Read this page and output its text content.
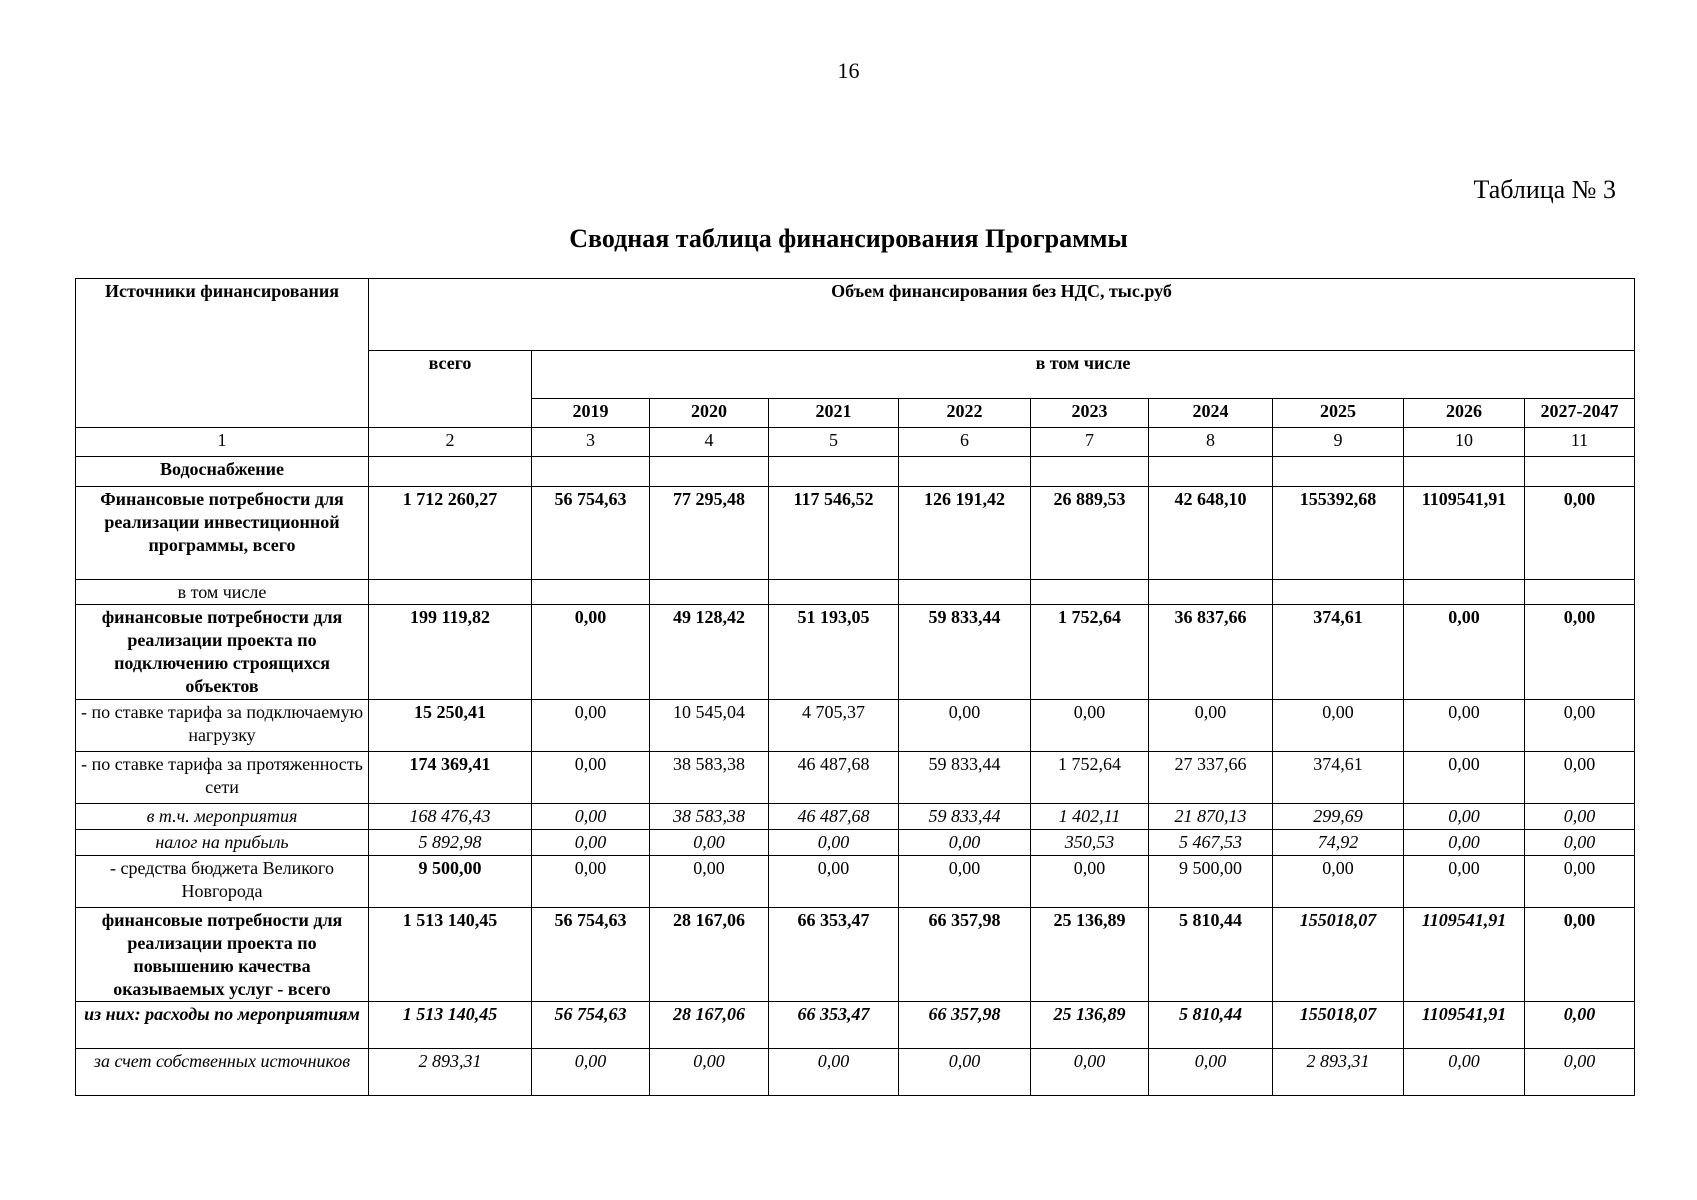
16
Таблица № 3
Сводная таблица финансирования Программы
Источники финансирования	Объем финансирования без НДС, тыс.руб									
	всего	в том числе								
		2019	2020	2021	2022	2023	2024	2025	2026	2027-2047
1	2	3	4	5	6	7	8	9	10	11
Водоснабжение										
Финансовые потребности для реализации инвестиционной программы, всего	1 712 260,27	56 754,63	77 295,48	117 546,52	126 191,42	26 889,53	42 648,10	155392,68	1109541,91	0,00
в том числе										
финансовые потребности для реализации проекта по подключению строящихся объектов	199 119,82	0,00	49 128,42	51 193,05	59 833,44	1 752,64	36 837,66	374,61	0,00	0,00
- по ставке тарифа за подключаемую нагрузку	15 250,41	0,00	10 545,04	4 705,37	0,00	0,00	0,00	0,00	0,00	0,00
- по ставке тарифа за протяженность сети	174 369,41	0,00	38 583,38	46 487,68	59 833,44	1 752,64	27 337,66	374,61	0,00	0,00
в т.ч. мероприятия	168 476,43	0,00	38 583,38	46 487,68	59 833,44	1 402,11	21 870,13	299,69	0,00	0,00
налог на прибыль	5 892,98	0,00	0,00	0,00	0,00	350,53	5 467,53	74,92	0,00	0,00
- средства бюджета Великого Новгорода	9 500,00	0,00	0,00	0,00	0,00	0,00	9 500,00	0,00	0,00	0,00
финансовые потребности для реализации проекта по повышению качества оказываемых услуг - всего	1 513 140,45	56 754,63	28 167,06	66 353,47	66 357,98	25 136,89	5 810,44	155018,07	1109541,91	0,00
из них: расходы по мероприятиям	1 513 140,45	56 754,63	28 167,06	66 353,47	66 357,98	25 136,89	5 810,44	155018,07	1109541,91	0,00
за счет собственных источников	2 893,31	0,00	0,00	0,00	0,00	0,00	0,00	2 893,31	0,00	0,00
